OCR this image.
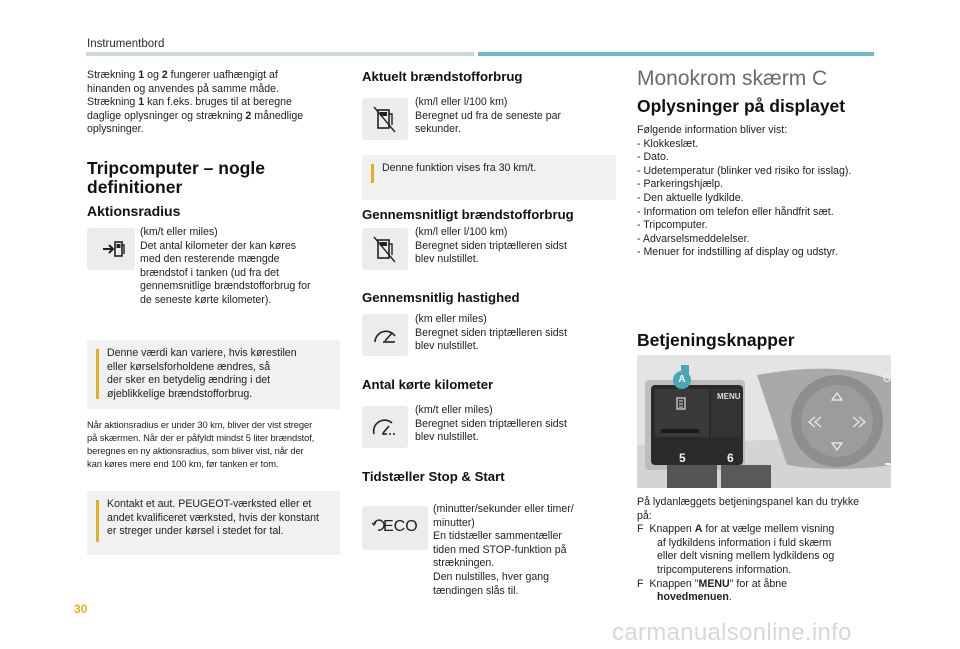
Instrumentbord
Strækning 1 og 2 fungerer uafhængigt af
hinanden og anvendes på samme måde.
Strækning 1 kan f.eks. bruges til at beregne
daglige oplysninger og strækning 2 månedlige
oplysninger.
Tripcomputer – nogle
definitioner
Aktionsradius
(km/t eller miles)
Det antal kilometer der kan køres
med den resterende mængde
brændstof i tanken (ud fra det
gennemsnitlige brændstofforbrug for
de seneste kørte kilometer).
Denne værdi kan variere, hvis kørestilen
eller kørselsforholdene ændres, så
der sker en betydelig ændring i det
øjeblikkelige brændstofforbrug.
Når aktionsradius er under 30 km, bliver der vist streger
på skærmen. Når der er påfyldt mindst 5 liter brændstof,
beregnes en ny aktionsradius, som bliver vist, når der
kan køres mere end 100 km, før tanken er tom.
Kontakt et aut. PEUGEOT-værksted eller et
andet kvalificeret værksted, hvis der konstant
er streger under kørsel i stedet for tal.
Aktuelt brændstofforbrug
(km/l eller l/100 km)
Beregnet ud fra de seneste par
sekunder.
Denne funktion vises fra 30 km/t.
Gennemsnitligt brændstofforbrug
(km/l eller l/100 km)
Beregnet siden triptælleren sidst
blev nulstillet.
Gennemsnitlig hastighed
(km eller miles)
Beregnet siden triptælleren sidst
blev nulstillet.
Antal kørte kilometer
(km/t eller miles)
Beregnet siden triptælleren sidst
blev nulstillet.
Tidstæller Stop & Start
ECO
(minutter/sekunder eller timer/
minutter)
En tidstæller sammentæller
tiden med STOP-funktion på
strækningen.
Den nulstilles, hver gang
tændingen slås til.
Monokrom skærm C
Oplysninger på displayet
Følgende information bliver vist:
- Klokkeslæt.
- Dato.
- Udetemperatur (blinker ved risiko for isslag).
- Parkeringshjælp.
- Den aktuelle lydkilde.
- Information om telefon eller håndfrit sæt.
- Tripcomputer.
- Advarselsmeddelelser.
- Menuer for indstilling af display og udstyr.
Betjeningsknapper
A
MENU
5	6
C
På lydanlæggets betjeningspanel kan du trykke
på:
F Knappen A for at vælge mellem visning
af lydkildens information i fuld skærm
eller delt visning mellem lydkildens og
tripcomputerens information.
F Knappen "MENU" for at åbne
hovedmenuen.
30
carmanualsonline.info
